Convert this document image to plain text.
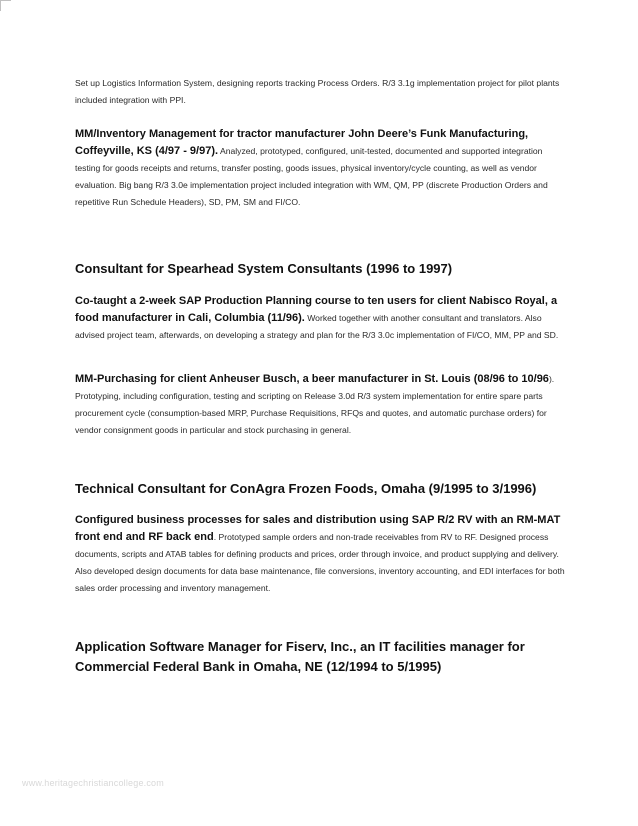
Set up Logistics Information System, designing reports tracking Process Orders. R/3 3.1g implementation project for pilot plants included integration with PPI.

MM/Inventory Management for tractor manufacturer John Deere’s Funk Manufacturing, Coffeyville, KS (4/97 - 9/97). Analyzed, prototyped, configured, unit-tested, documented and supported integration testing for goods receipts and returns, transfer posting, goods issues, physical inventory/cycle counting, as well as vendor evaluation. Big bang R/3 3.0e implementation project included integration with WM, QM, PP (discrete Production Orders and repetitive Run Schedule Headers), SD, PM, SM and FI/CO.

Consultant for Spearhead System Consultants (1996 to 1997)

Co-taught a 2-week SAP Production Planning course to ten users for client Nabisco Royal, a food manufacturer in Cali, Columbia (11/96). Worked together with another consultant and translators. Also advised project team, afterwards, on developing a strategy and plan for the R/3 3.0c implementation of FI/CO, MM, PP and SD.

MM-Purchasing for client Anheuser Busch, a beer manufacturer in St. Louis (08/96 to 10/96). Prototyping, including configuration, testing and scripting on Release 3.0d R/3 system implementation for entire spare parts procurement cycle (consumption-based MRP, Purchase Requisitions, RFQs and quotes, and automatic purchase orders) for vendor consignment goods in particular and stock purchasing in general.

Technical Consultant for ConAgra Frozen Foods, Omaha (9/1995 to 3/1996)

Configured business processes for sales and distribution using SAP R/2 RV with an RM-MAT front end and RF back end. Prototyped sample orders and non-trade receivables from RV to RF. Designed process documents, scripts and ATAB tables for defining products and prices, order through invoice, and product supplying and delivery. Also developed design documents for data base maintenance, file conversions, inventory accounting, and EDI interfaces for both sales order processing and inventory management.

Application Software Manager for Fiserv, Inc., an IT facilities manager for Commercial Federal Bank in Omaha, NE (12/1994 to 5/1995)
www.heritagechristiancollege.com
